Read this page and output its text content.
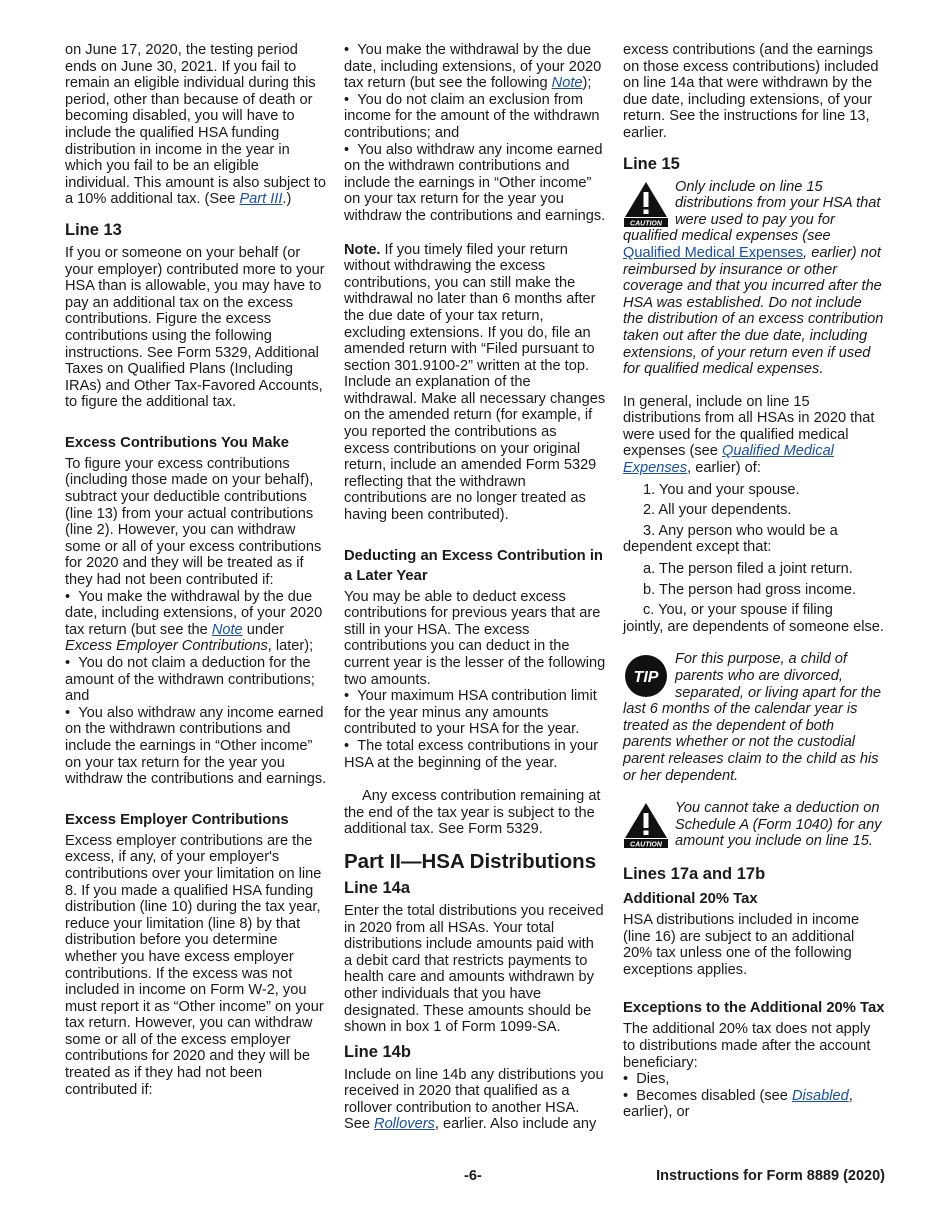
on June 17, 2020, the testing period ends on June 30, 2021. If you fail to remain an eligible individual during this period, other than because of death or becoming disabled, you will have to include the qualified HSA funding distribution in income in the year in which you fail to be an eligible individual. This amount is also subject to a 10% additional tax. (See Part III.)

Line 13

If you or someone on your behalf (or your employer) contributed more to your HSA than is allowable, you may have to pay an additional tax on the excess contributions. Figure the excess contributions using the following instructions. See Form 5329, Additional Taxes on Qualified Plans (Including IRAs) and Other Tax-Favored Accounts, to figure the additional tax.

Excess Contributions You Make

To figure your excess contributions (including those made on your behalf), subtract your deductible contributions (line 13) from your actual contributions (line 2). However, you can withdraw some or all of your excess contributions for 2020 and they will be treated as if they had not been contributed if:

•  You make the withdrawal by the due date, including extensions, of your 2020 tax return (but see the Note under Excess Employer Contributions, later);

•  You do not claim a deduction for the amount of the withdrawn contributions; and

•  You also withdraw any income earned on the withdrawn contributions and include the earnings in “Other income” on your tax return for the year you withdraw the contributions and earnings.

Excess Employer Contributions

Excess employer contributions are the excess, if any, of your employer's contributions over your limitation on line 8. If you made a qualified HSA funding distribution (line 10) during the tax year, reduce your limitation (line 8) by that distribution before you determine whether you have excess employer contributions. If the excess was not included in income on Form W-2, you must report it as “Other income” on your tax return. However, you can withdraw some or all of the excess employer contributions for 2020 and they will be treated as if they had not been contributed if:

•  You make the withdrawal by the due date, including extensions, of your 2020 tax return (but see the following Note);

•  You do not claim an exclusion from income for the amount of the withdrawn contributions; and

•  You also withdraw any income earned on the withdrawn contributions and include the earnings in “Other income” on your tax return for the year you withdraw the contributions and earnings.

Note. If you timely filed your return without withdrawing the excess contributions, you can still make the withdrawal no later than 6 months after the due date of your tax return, excluding extensions. If you do, file an amended return with “Filed pursuant to section 301.9100-2” written at the top. Include an explanation of the withdrawal. Make all necessary changes on the amended return (for example, if you reported the contributions as excess contributions on your original return, include an amended Form 5329 reflecting that the withdrawn contributions are no longer treated as having been contributed).

Deducting an Excess Contribution in a Later Year

You may be able to deduct excess contributions for previous years that are still in your HSA. The excess contributions you can deduct in the current year is the lesser of the following two amounts.

•  Your maximum HSA contribution limit for the year minus any amounts contributed to your HSA for the year.

•  The total excess contributions in your HSA at the beginning of the year.

Any excess contribution remaining at the end of the tax year is subject to the additional tax. See Form 5329.

Part II—HSA Distributions
Line 14a

Enter the total distributions you received in 2020 from all HSAs. Your total distributions include amounts paid with a debit card that restricts payments to health care and amounts withdrawn by other individuals that you have designated. These amounts should be shown in box 1 of Form 1099-SA.

Line 14b

Include on line 14b any distributions you received in 2020 that qualified as a rollover contribution to another HSA. See Rollovers, earlier. Also include any

excess contributions (and the earnings on those excess contributions) included on line 14a that were withdrawn by the due date, including extensions, of your return. See the instructions for line 13, earlier.

Line 15
CAUTION
Only include on line 15 distributions from your HSA that were used to pay you for qualified medical expenses (see Qualified Medical Expenses, earlier) not reimbursed by insurance or other coverage and that you incurred after the HSA was established. Do not include the distribution of an excess contribution taken out after the due date, including extensions, of your return even if used for qualified medical expenses.

In general, include on line 15 distributions from all HSAs in 2020 that were used for the qualified medical expenses (see Qualified Medical Expenses, earlier) of:

1. You and your spouse.

2. All your dependents.

3. Any person who would be a

dependent except that:

a. The person filed a joint return.

b. The person had gross income.

c. You, or your spouse if filing

jointly, are dependents of someone else.

TIP
For this purpose, a child of parents who are divorced, separated, or living apart for the last 6 months of the calendar year is treated as the dependent of both parents whether or not the custodial parent releases claim to the child as his or her dependent.
CAUTION
You cannot take a deduction on Schedule A (Form 1040) for any amount you include on line 15.
Lines 17a and 17b
Additional 20% Tax

HSA distributions included in income (line 16) are subject to an additional 20% tax unless one of the following exceptions applies.

Exceptions to the Additional 20% Tax

The additional 20% tax does not apply to distributions made after the account beneficiary:

•  Dies,

•  Becomes disabled (see Disabled, earlier), or

-6-	Instructions for Form 8889 (2020)
